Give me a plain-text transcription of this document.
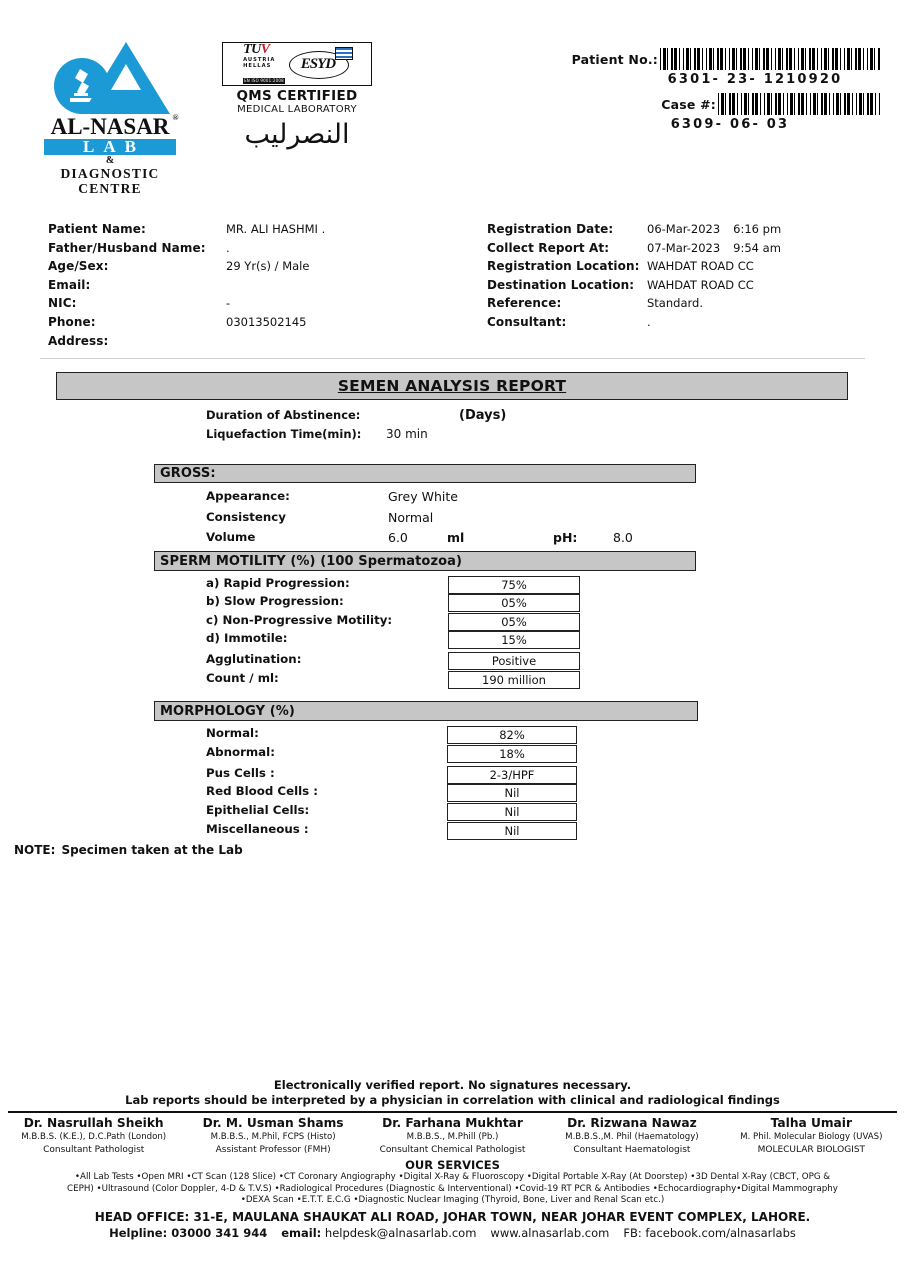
AL-NASAR ®
LAB
&
DIAGNOSTIC
CENTRE
TŪV
AUSTRIA
HELLAS
EN ISO 9001:2008
ESYD
QMS CERTIFIED
MEDICAL LABORATORY
النصرليب
Patient No.:
6301- 23- 1210920
Case #:
6309- 06- 03
Patient Name:	MR. ALI HASHMI .
Father/Husband Name:	.
Age/Sex:	29 Yr(s) / Male
Email:
NIC:	-
Phone:	03013502145
Address:
Registration Date:	06-Mar-2023 6:16 pm
Collect Report At:	07-Mar-2023 9:54 am
Registration Location: WAHDAT ROAD CC
Destination Location:	WAHDAT ROAD CC
Reference:	Standard.
Consultant:	.
SEMEN ANALYSIS REPORT
Duration of Abstinence:	(Days)
Liquefaction Time(min): 30 min
GROSS:
Appearance:	Grey White
Consistency	Normal
Volume	6.0	ml	pH:	8.0
SPERM MOTILITY (%) (100 Spermatozoa)
a) Rapid Progression:	75%
b) Slow Progression:	05%
c) Non-Progressive Motility:	05%
d) Immotile:	15%
Agglutination:	Positive
Count / ml:	190 million
MORPHOLOGY (%)
Normal:	82%
Abnormal:	18%
Pus Cells :	2-3/HPF
Red Blood Cells :	Nil
Epithelial Cells:	Nil
Miscellaneous :	Nil
NOTE: Specimen taken at the Lab
Electronically verified report. No signatures necessary.
Lab reports should be interpreted by a physician in correlation with clinical and radiological findings
Dr. Nasrullah Sheikh
M.B.B.S. (K.E.), D.C.Path (London)
Consultant Pathologist
Dr. M. Usman Shams
M.B.B.S., M.Phil, FCPS (Histo)
Assistant Professor (FMH)
Dr. Farhana Mukhtar
M.B.B.S., M.Phill (Pb.)
Consultant Chemical Pathologist
Dr. Rizwana Nawaz
M.B.B.S.,M. Phil (Haematology)
Consultant Haematologist
Talha Umair
M. Phil. Molecular Biology (UVAS)
MOLECULAR BIOLOGIST
OUR SERVICES
•All Lab Tests •Open MRI •CT Scan (128 Slice) •CT Coronary Angiography •Digital X-Ray & Fluoroscopy •Digital Portable X-Ray (At Doorstep) •3D Dental X-Ray (CBCT, OPG &
CEPH) •Ultrasound (Color Doppler, 4-D & T.V.S) •Radiological Procedures (Diagnostic & Interventional) •Covid-19 RT PCR & Antibodies •Echocardiography•Digital Mammography
•DEXA Scan •E.T.T. E.C.G •Diagnostic Nuclear Imaging (Thyroid, Bone, Liver and Renal Scan etc.)
HEAD OFFICE: 31-E, MAULANA SHAUKAT ALI ROAD, JOHAR TOWN, NEAR JOHAR EVENT COMPLEX, LAHORE.
Helpline: 03000 341 944 email: helpdesk@alnasarlab.com www.alnasarlab.com FB: facebook.com/alnasarlabs
